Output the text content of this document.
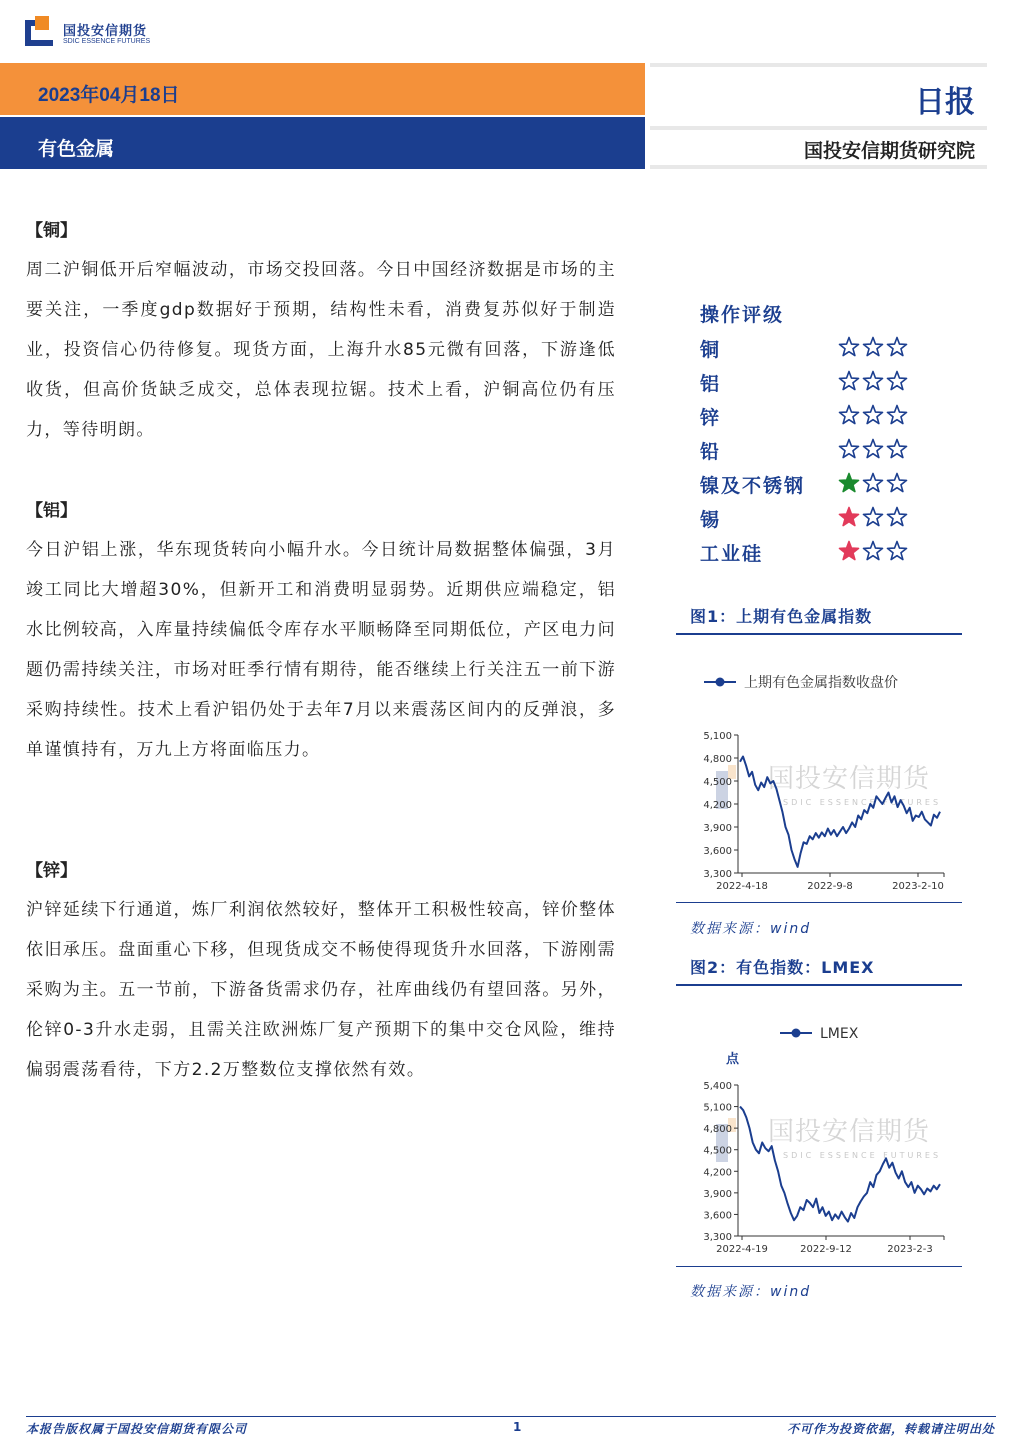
国投安信期货
SDIC ESSENCE FUTURES
2023年04月18日
有色金属
日报
国投安信期货研究院
【铜】
周二沪铜低开后窄幅波动，市场交投回落。今日中国经济数据是市场的主要关注，一季度gdp数据好于预期，结构性未看，消费复苏似好于制造业，投资信心仍待修复。现货方面，上海升水85元微有回落，下游逢低收货，但高价货缺乏成交，总体表现拉锯。技术上看，沪铜高位仍有压力，等待明朗。
【铝】
今日沪铝上涨，华东现货转向小幅升水。今日统计局数据整体偏强，3月竣工同比大增超30%，但新开工和消费明显弱势。近期供应端稳定，铝水比例较高，入库量持续偏低令库存水平顺畅降至同期低位，产区电力问题仍需持续关注，市场对旺季行情有期待，能否继续上行关注五一前下游采购持续性。技术上看沪铝仍处于去年7月以来震荡区间内的反弹浪，多单谨慎持有，万九上方将面临压力。
【锌】
沪锌延续下行通道，炼厂利润依然较好，整体开工积极性较高，锌价整体依旧承压。盘面重心下移，但现货成交不畅使得现货升水回落，下游刚需采购为主。五一节前，下游备货需求仍存，社库曲线仍有望回落。另外，伦锌0-3升水走弱，且需关注欧洲炼厂复产预期下的集中交仓风险，维持偏弱震荡看待，下方2.2万整数位支撑依然有效。
操作评级
铜
铝
锌
铅
镍及不锈钢
锡
工业硅
图1：上期有色金属指数
上期有色金属指数收盘价
国投安信期货
SDIC ESSENCE FUTURES
3,300
3,600
3,900
4,200
4,500
4,800
5,100
2022-4-18	2022-9-8	2023-2-10
数据来源：wind
图2：有色指数：LMEX
LMEX
点
国投安信期货
SDIC ESSENCE FUTURES
3,300
3,600
3,900
4,200
4,500
4,800
5,100
5,400
2022-4-19	2022-9-12	2023-2-3
数据来源：wind
本报告版权属于国投安信期货有限公司	1	不可作为投资依据，转载请注明出处
